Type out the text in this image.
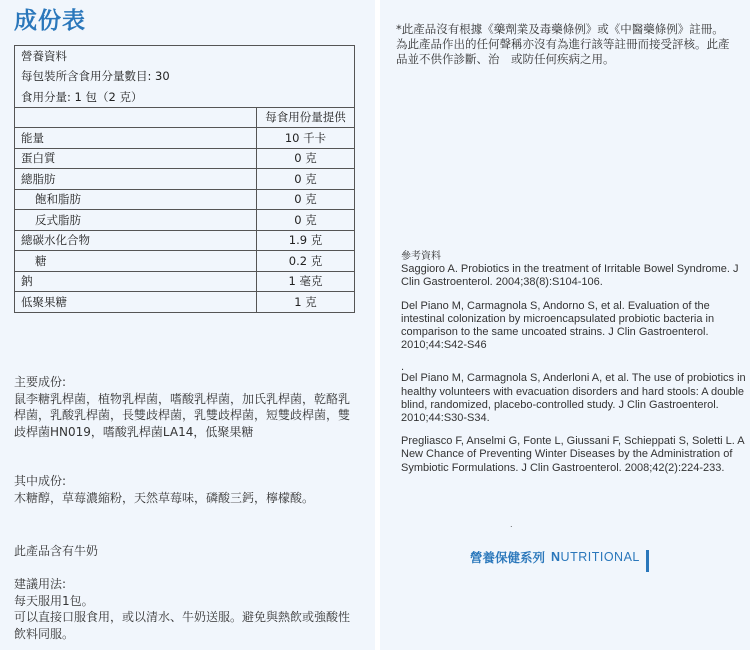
成份表
營養資料	
每包裝所含食用分量數目: 30	
食用分量: 1 包（2 克）	
	每食用份量提供
能量	10 千卡
蛋白質	0 克
總脂肪	0 克
飽和脂肪	0 克
反式脂肪	0 克
總碳水化合物	1.9 克
糖	0.2 克
鈉	1 毫克
低聚果糖	1 克
主要成份:
鼠李糖乳桿菌，植物乳桿菌，嗜酸乳桿菌，加氏乳桿菌，乾酪乳桿菌，乳酸乳桿菌，長雙歧桿菌，乳雙歧桿菌，短雙歧桿菌，雙歧桿菌HN019，嗜酸乳桿菌LA14，低聚果糖
其中成份:
木糖醇，草莓濃縮粉，天然草莓味，磷酸三鈣，檸檬酸。
此產品含有牛奶
建議用法:
每天服用1包。
可以直接口服食用，或以清水、牛奶送服。避免與熱飲或強酸性飲料同服。
*此產品沒有根據《藥劑業及毒藥條例》或《中醫藥條例》註冊。為此產品作出的任何聲稱亦沒有為進行該等註冊而接受評核。此產品並不供作診斷、治　或防任何疾病之用。
參考資料

Saggioro A. Probiotics in the treatment of Irritable Bowel Syndrome. J Clin Gastroenterol. 2004;38(8):S104-106.

Del Piano M, Carmagnola S, Andorno S, et al. Evaluation of the intestinal colonization by microencapsulated probiotic bacteria in comparison to the same uncoated strains. J Clin Gastroenterol. 2010;44:S42-S46

.

Del Piano M, Carmagnola S, Anderloni A, et al. The use of probiotics in healthy volunteers with evacuation disorders and hard stools: A double blind, randomized, placebo-controlled study. J Clin Gastroenterol. 2010;44:S30-S34.

Pregliasco F, Anselmi G, Fonte L, Giussani F, Schieppati S, Soletti L. A New Chance of Preventing Winter Diseases by the Administration of Symbiotic Formulations. J Clin Gastroenterol. 2008;42(2):224-233.

.
營養保健系列 NUTRITIONAL
